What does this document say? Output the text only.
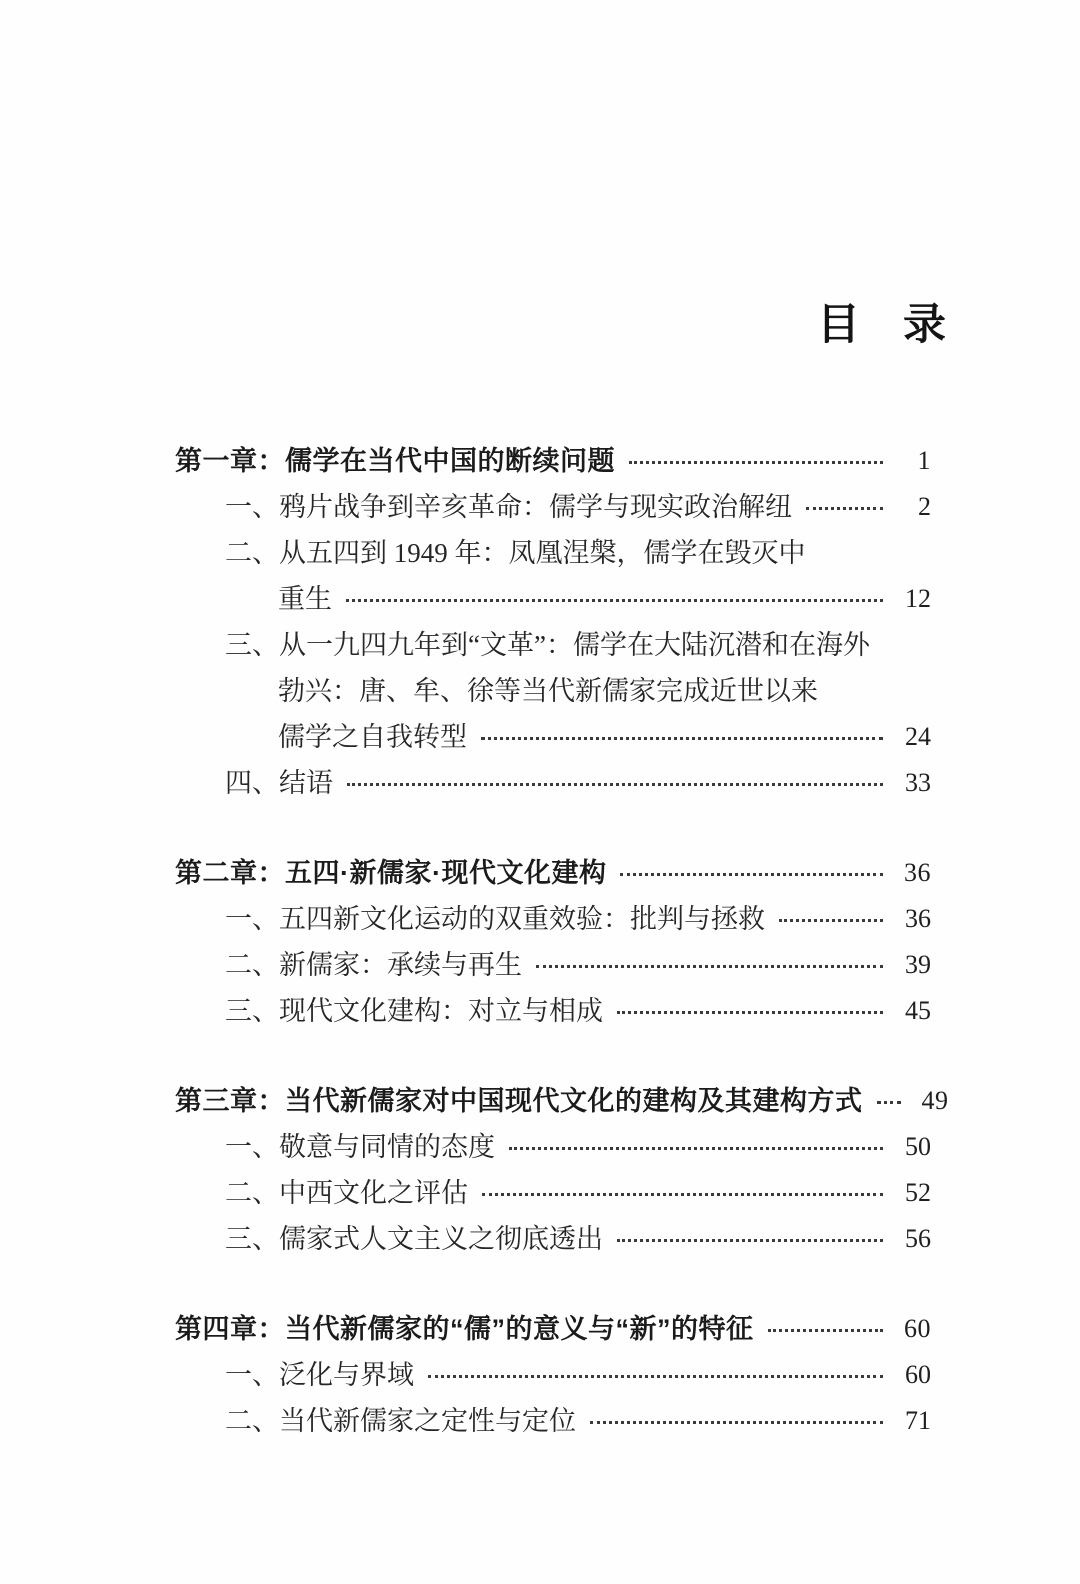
目　录
第一章：儒学在当代中国的断续问题	1
一、鸦片战争到辛亥革命：儒学与现实政治解纽	2
二、从五四到 1949 年：凤凰涅槃，儒学在毁灭中
重生	12
三、从一九四九年到“文革”：儒学在大陆沉潜和在海外
勃兴：唐、牟、徐等当代新儒家完成近世以来
儒学之自我转型	24
四、结语	33
第二章：五四·新儒家·现代文化建构	36
一、五四新文化运动的双重效验：批判与拯救	36
二、新儒家：承续与再生	39
三、现代文化建构：对立与相成	45
第三章：当代新儒家对中国现代文化的建构及其建构方式	49
一、敬意与同情的态度	50
二、中西文化之评估	52
三、儒家式人文主义之彻底透出	56
第四章：当代新儒家的“儒”的意义与“新”的特征	60
一、泛化与界域	60
二、当代新儒家之定性与定位	71
